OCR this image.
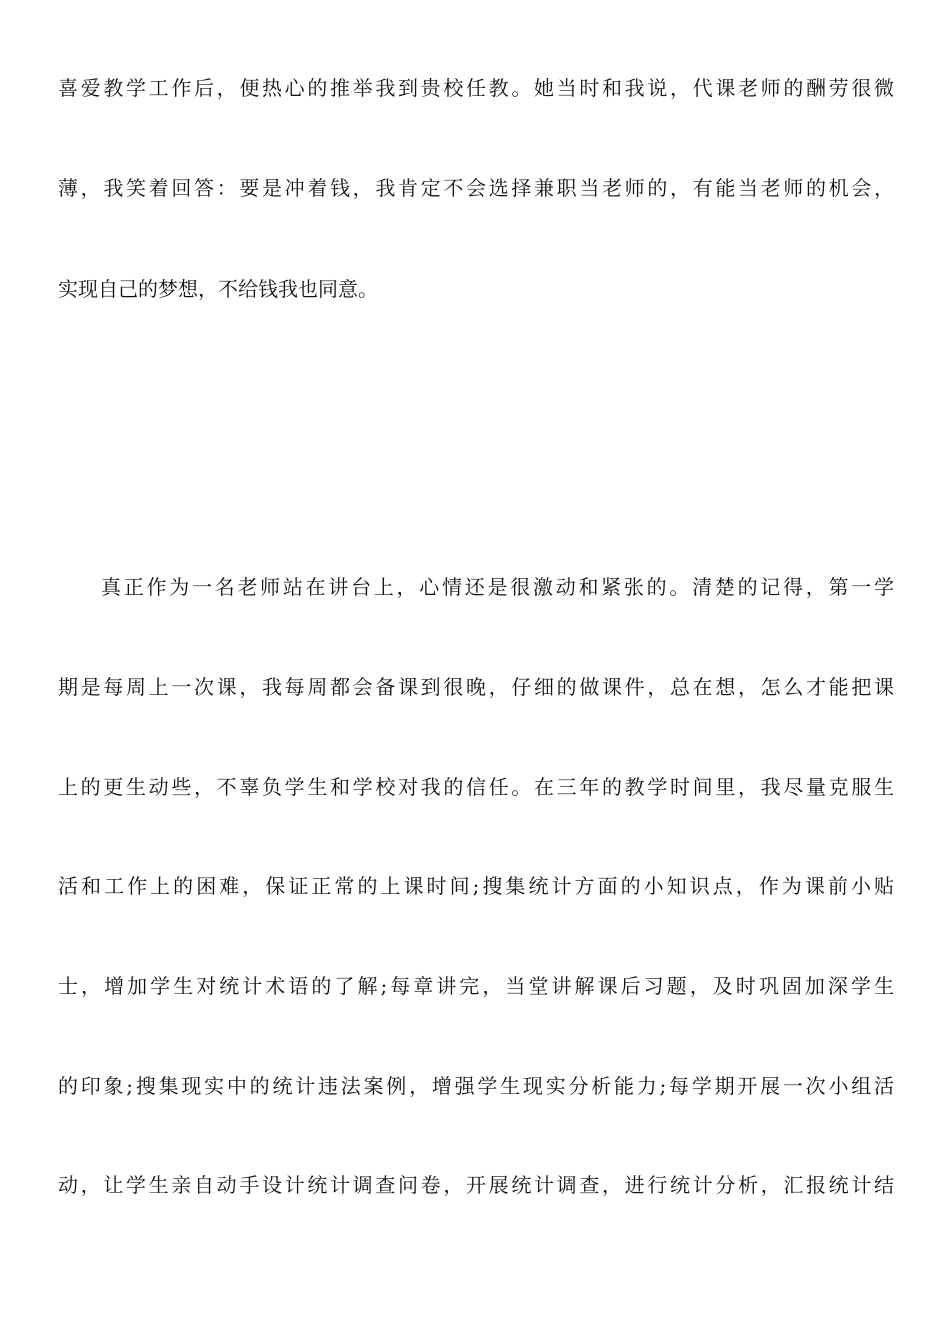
喜爱教学工作后，便热心的推举我到贵校任教。她当时和我说，代课老师的酬劳很微
薄，我笑着回答：要是冲着钱，我肯定不会选择兼职当老师的，有能当老师的机会，
实现自己的梦想，不给钱我也同意。
真正作为一名老师站在讲台上，心情还是很激动和紧张的。清楚的记得，第一学
期是每周上一次课，我每周都会备课到很晚，仔细的做课件，总在想，怎么才能把课
上的更生动些，不辜负学生和学校对我的信任。在三年的教学时间里，我尽量克服生
活和工作上的困难，保证正常的上课时间;搜集统计方面的小知识点，作为课前小贴
士，增加学生对统计术语的了解;每章讲完，当堂讲解课后习题，及时巩固加深学生
的印象;搜集现实中的统计违法案例，增强学生现实分析能力;每学期开展一次小组活
动，让学生亲自动手设计统计调查问卷，开展统计调查，进行统计分析，汇报统计结
